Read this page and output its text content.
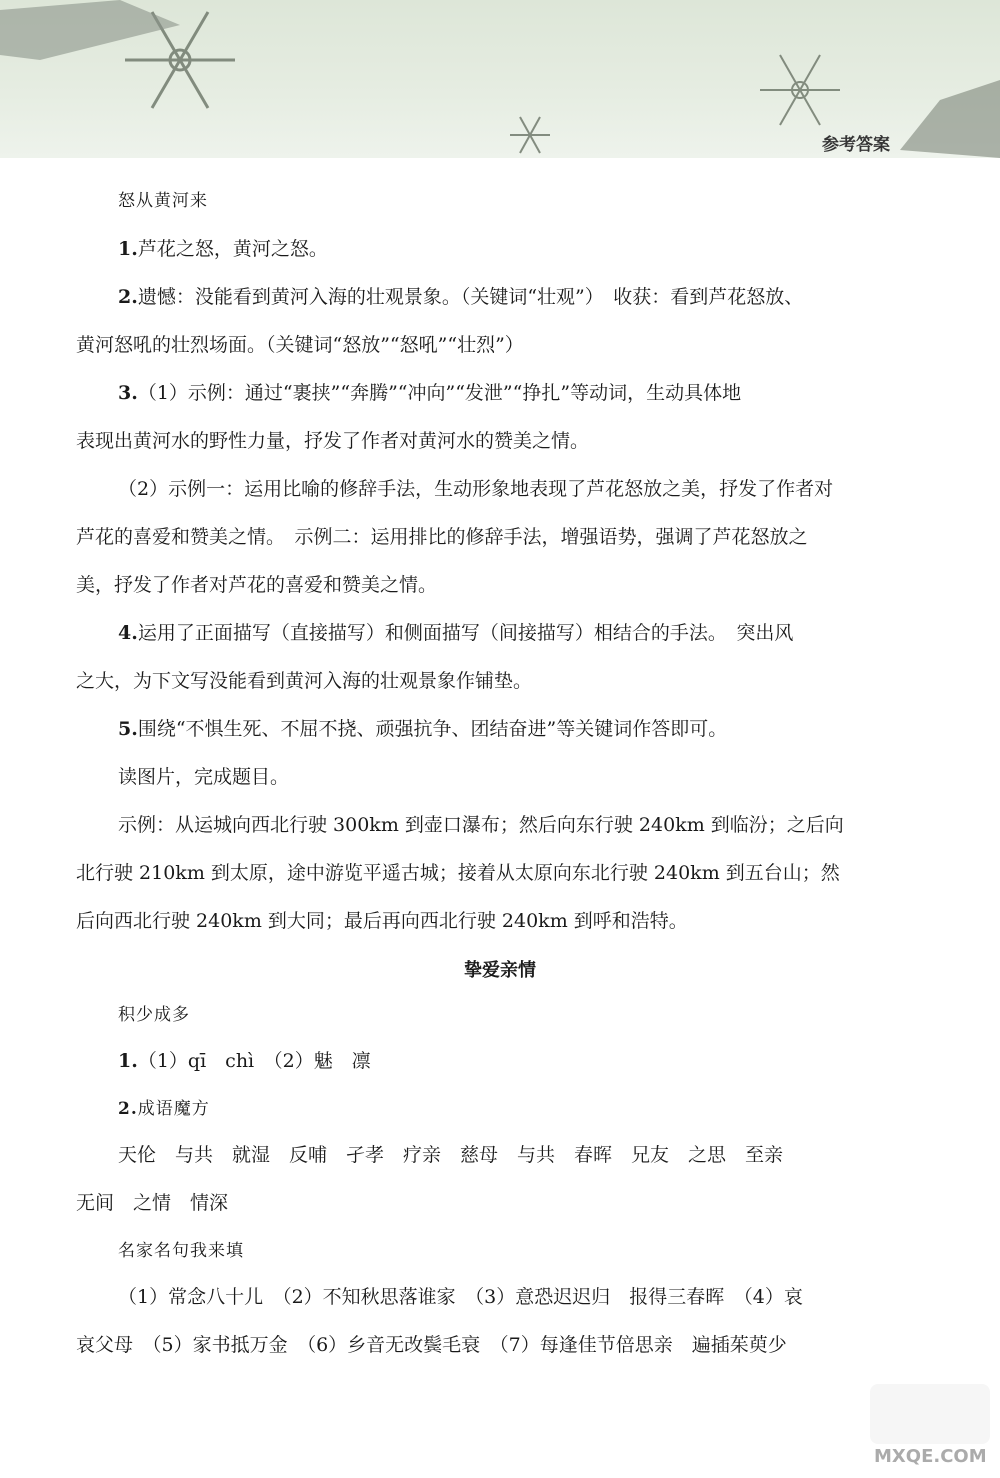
参考答案
怒从黄河来
1.芦花之怒，黄河之怒。
2.遗憾：没能看到黄河入海的壮观景象。（关键词“壮观”）　收获：看到芦花怒放、
黄河怒吼的壮烈场面。（关键词“怒放”“怒吼”“壮烈”）
3.（1）示例：通过“裹挟”“奔腾”“冲向”“发泄”“挣扎”等动词，生动具体地
表现出黄河水的野性力量，抒发了作者对黄河水的赞美之情。
（2）示例一：运用比喻的修辞手法，生动形象地表现了芦花怒放之美，抒发了作者对
芦花的喜爱和赞美之情。　示例二：运用排比的修辞手法，增强语势，强调了芦花怒放之
美，抒发了作者对芦花的喜爱和赞美之情。
4.运用了正面描写（直接描写）和侧面描写（间接描写）相结合的手法。　突出风
之大，为下文写没能看到黄河入海的壮观景象作铺垫。
5.围绕“不惧生死、不屈不挠、顽强抗争、团结奋进”等关键词作答即可。
读图片，完成题目。
示例：从运城向西北行驶 300km 到壶口瀑布；然后向东行驶 240km 到临汾；之后向
北行驶 210km 到太原，途中游览平遥古城；接着从太原向东北行驶 240km 到五台山；然
后向西北行驶 240km 到大同；最后再向西北行驶 240km 到呼和浩特。
挚爱亲情
积少成多
1.（1）qī　chì　（2）魅　凛
2.成语魔方
天伦　与共　就湿　反哺　孑孝　疗亲　慈母　与共　春晖　兄友　之思　至亲
无间　之情　情深
名家名句我来填
（1）常念八十儿　（2）不知秋思落谁家　（3）意恐迟迟归　报得三春晖　（4）哀
哀父母　（5）家书抵万金　（6）乡音无改鬓毛衰　（7）每逢佳节倍思亲　遍插茱萸少
MXQE.COM
